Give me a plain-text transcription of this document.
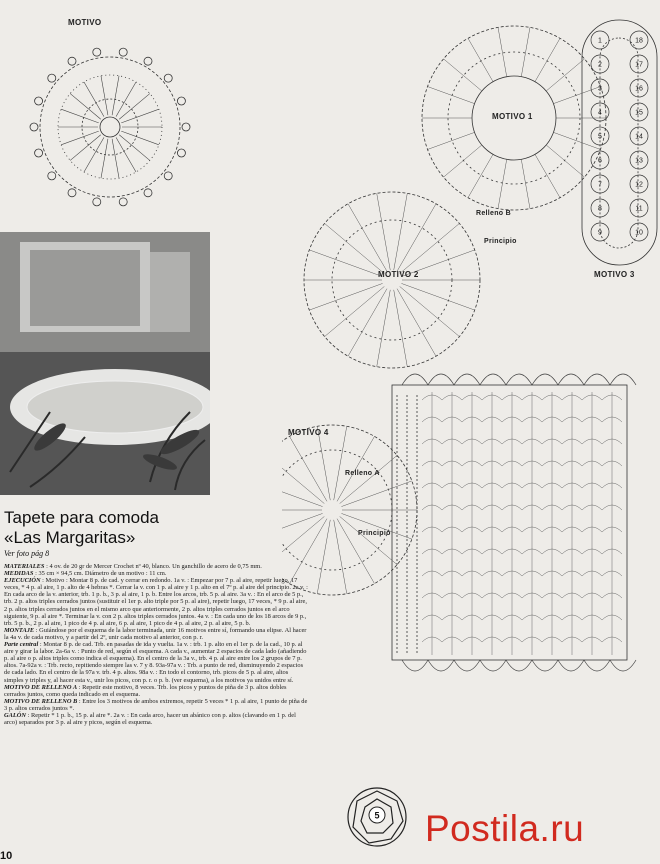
MOTIVO
Tapete para comoda
«Las Margaritas»
Ver foto pág 8

MATERIALES : 4 ov. de 20 gr de Mercer Crochet nº 40, blanco. Un ganchillo de acero de 0,75 mm.

MEDIDAS : 35 cm × 94,5 cm. Diámetro de un motivo : 11 cm.

EJECUCIÓN : Motivo : Montar 8 p. de cad. y cerrar en redondo. 1a v. : Empezar por 7 p. al aire, repetir luego, 17 veces, * 4 p. al aire, 1 p. alto de 4 hebras *. Cerrar la v. con 1 p. al aire y 1 p. alto en el 7º p. al aire del principio. 2a v. : En cada arco de la v. anterior, trb. 1 p. b., 3 p. al aire, 1 p. b. Entre los arcos, trb. 5 p. al aire. 3a v. : En el arco de 5 p., trb. 2 p. altos triples cerrados juntos (sustituir el 1er p. alto triple por 5 p. al aire), repetir luego, 17 veces, * 9 p. al aire, 2 p. altos triples cerrados juntos en el mismo arco que anteriormente, 2 p. altos triples cerrados juntos en el arco siguiente, 9 p. al aire *. Terminar la v. con 2 p. altos triples cerrados juntos. 4a v. : En cada uno de los 18 arcos de 9 p., trb. 5 p. b., 2 p. al aire, 1 pico de 4 p. al aire, 6 p. al aire, 1 pico de 4 p. al aire, 2 p. al aire, 5 p. b.

MONTAJE : Guiándose por el esquema de la labor terminada, unir 16 motivos entre sí, formando una elipse. Al hacer la 4a v. de cada motivo, y a partir del 2º, unir cada motivo al anterior, con p. r.

Parte central : Montar 8 p. de cad. Trb. en pasadas de ida y vuelta. 1a v. : trb. 1 p. alto en el 1er p. de la cad., 10 p. al aire y girar la labor. 2a-6a v. : Punto de red, según el esquema. A cada v., aumentar 2 espacios de cada lado (añadiendo p. al aire o p. altos triples como indica el esquema). En el centro de la 3a v., trb. 4 p. al aire entre los 2 grupos de 7 p. altos. 7a-92a v. : Trb. recto, repitiendo siempre las v. 7 y 8. 93a-97a v. : Trb. a punto de red, disminuyendo 2 espacios de cada lado. En el centro de la 97a v. trb. 4 p. altos. 98a v. : En todo el contorno, trb. picos de 5 p. al aire, altos simples y triples y, al hacer esta v., unir los picos, con p. r. o p. b. (ver esquema), a los motivos ya unidos entre sí.

MOTIVO DE RELLENO A : Repetir este motivo, 8 veces. Trb. los picos y puntos de piña de 3 p. altos dobles cerrados juntos, como queda indicado en el esquema.

MOTIVO DE RELLENO B : Entre los 3 motivos de ambos extremos, repetir 5 veces * 1 p. al aire, 1 punto de piña de 3 p. altos cerrados juntos *.

GALÓN : Repetir * 1 p. b., 15 p. al aire *. 2a v. : En cada arco, hacer un abánico con p. altos (clavando en 1 p. del arco) separados por 3 p. al aire y picos, según el esquema.

1
2
3
4
5
6
7
8
9	10
11
12
13
14
15
16
17
18
MOTIVO 1
MOTIVO 2	MOTIVO 3
MOTIVO 4
Relleno B
Principio
Relleno A
Principio
5 Postila.ru
10
